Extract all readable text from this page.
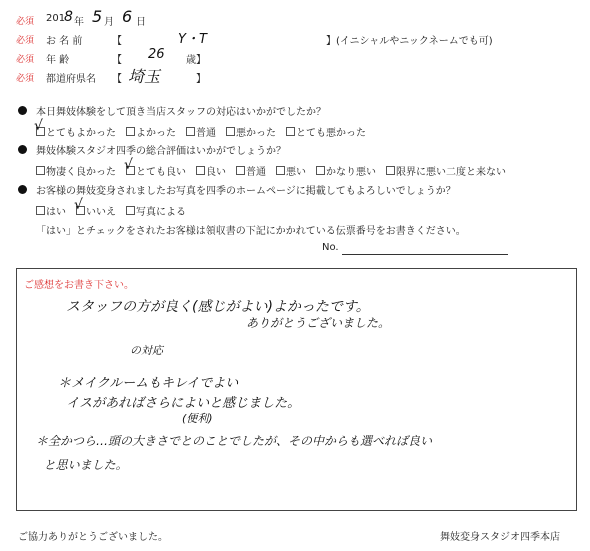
必須 201
8 年 5 月 6 日
必須 お 名 前	【	Y・T	】(イニシャルやニックネームでも可)
必須 年 齢	【 26 歳】
必須 都道府県名 【 埼玉	】
本日舞妓体験をして頂き当店スタッフの対応はいかがでしたか？
√ とてもよかった よかった 普通 悪かった とても悪かった
舞妓体験スタジオ四季の総合評価はいかがでしょうか？
物凄く良かった √ とても良い 良い 普通 悪い かなり悪い 限界に悪い二度と来ない
お客様の舞妓変身されましたお写真を四季のホームページに掲載してもよろしいでしょうか？
はい √ いいえ 写真による
「はい」とチェックをされたお客様は領収書の下記にかかれている伝票番号をお書きください。
No.
ご感想をお書き下さい。
スタッフの方が良く(感じがよい)よかったです。
ありがとうございました。
の対応
＊メイクルームもキレイでよい
イスがあればさらによいと感じました。
(便利)
＊全かつら…頭の大きさでとのことでしたが、その中からも選べれば良い
と思いました。
ご協力ありがとうございました。	舞妓変身スタジオ四季本店
